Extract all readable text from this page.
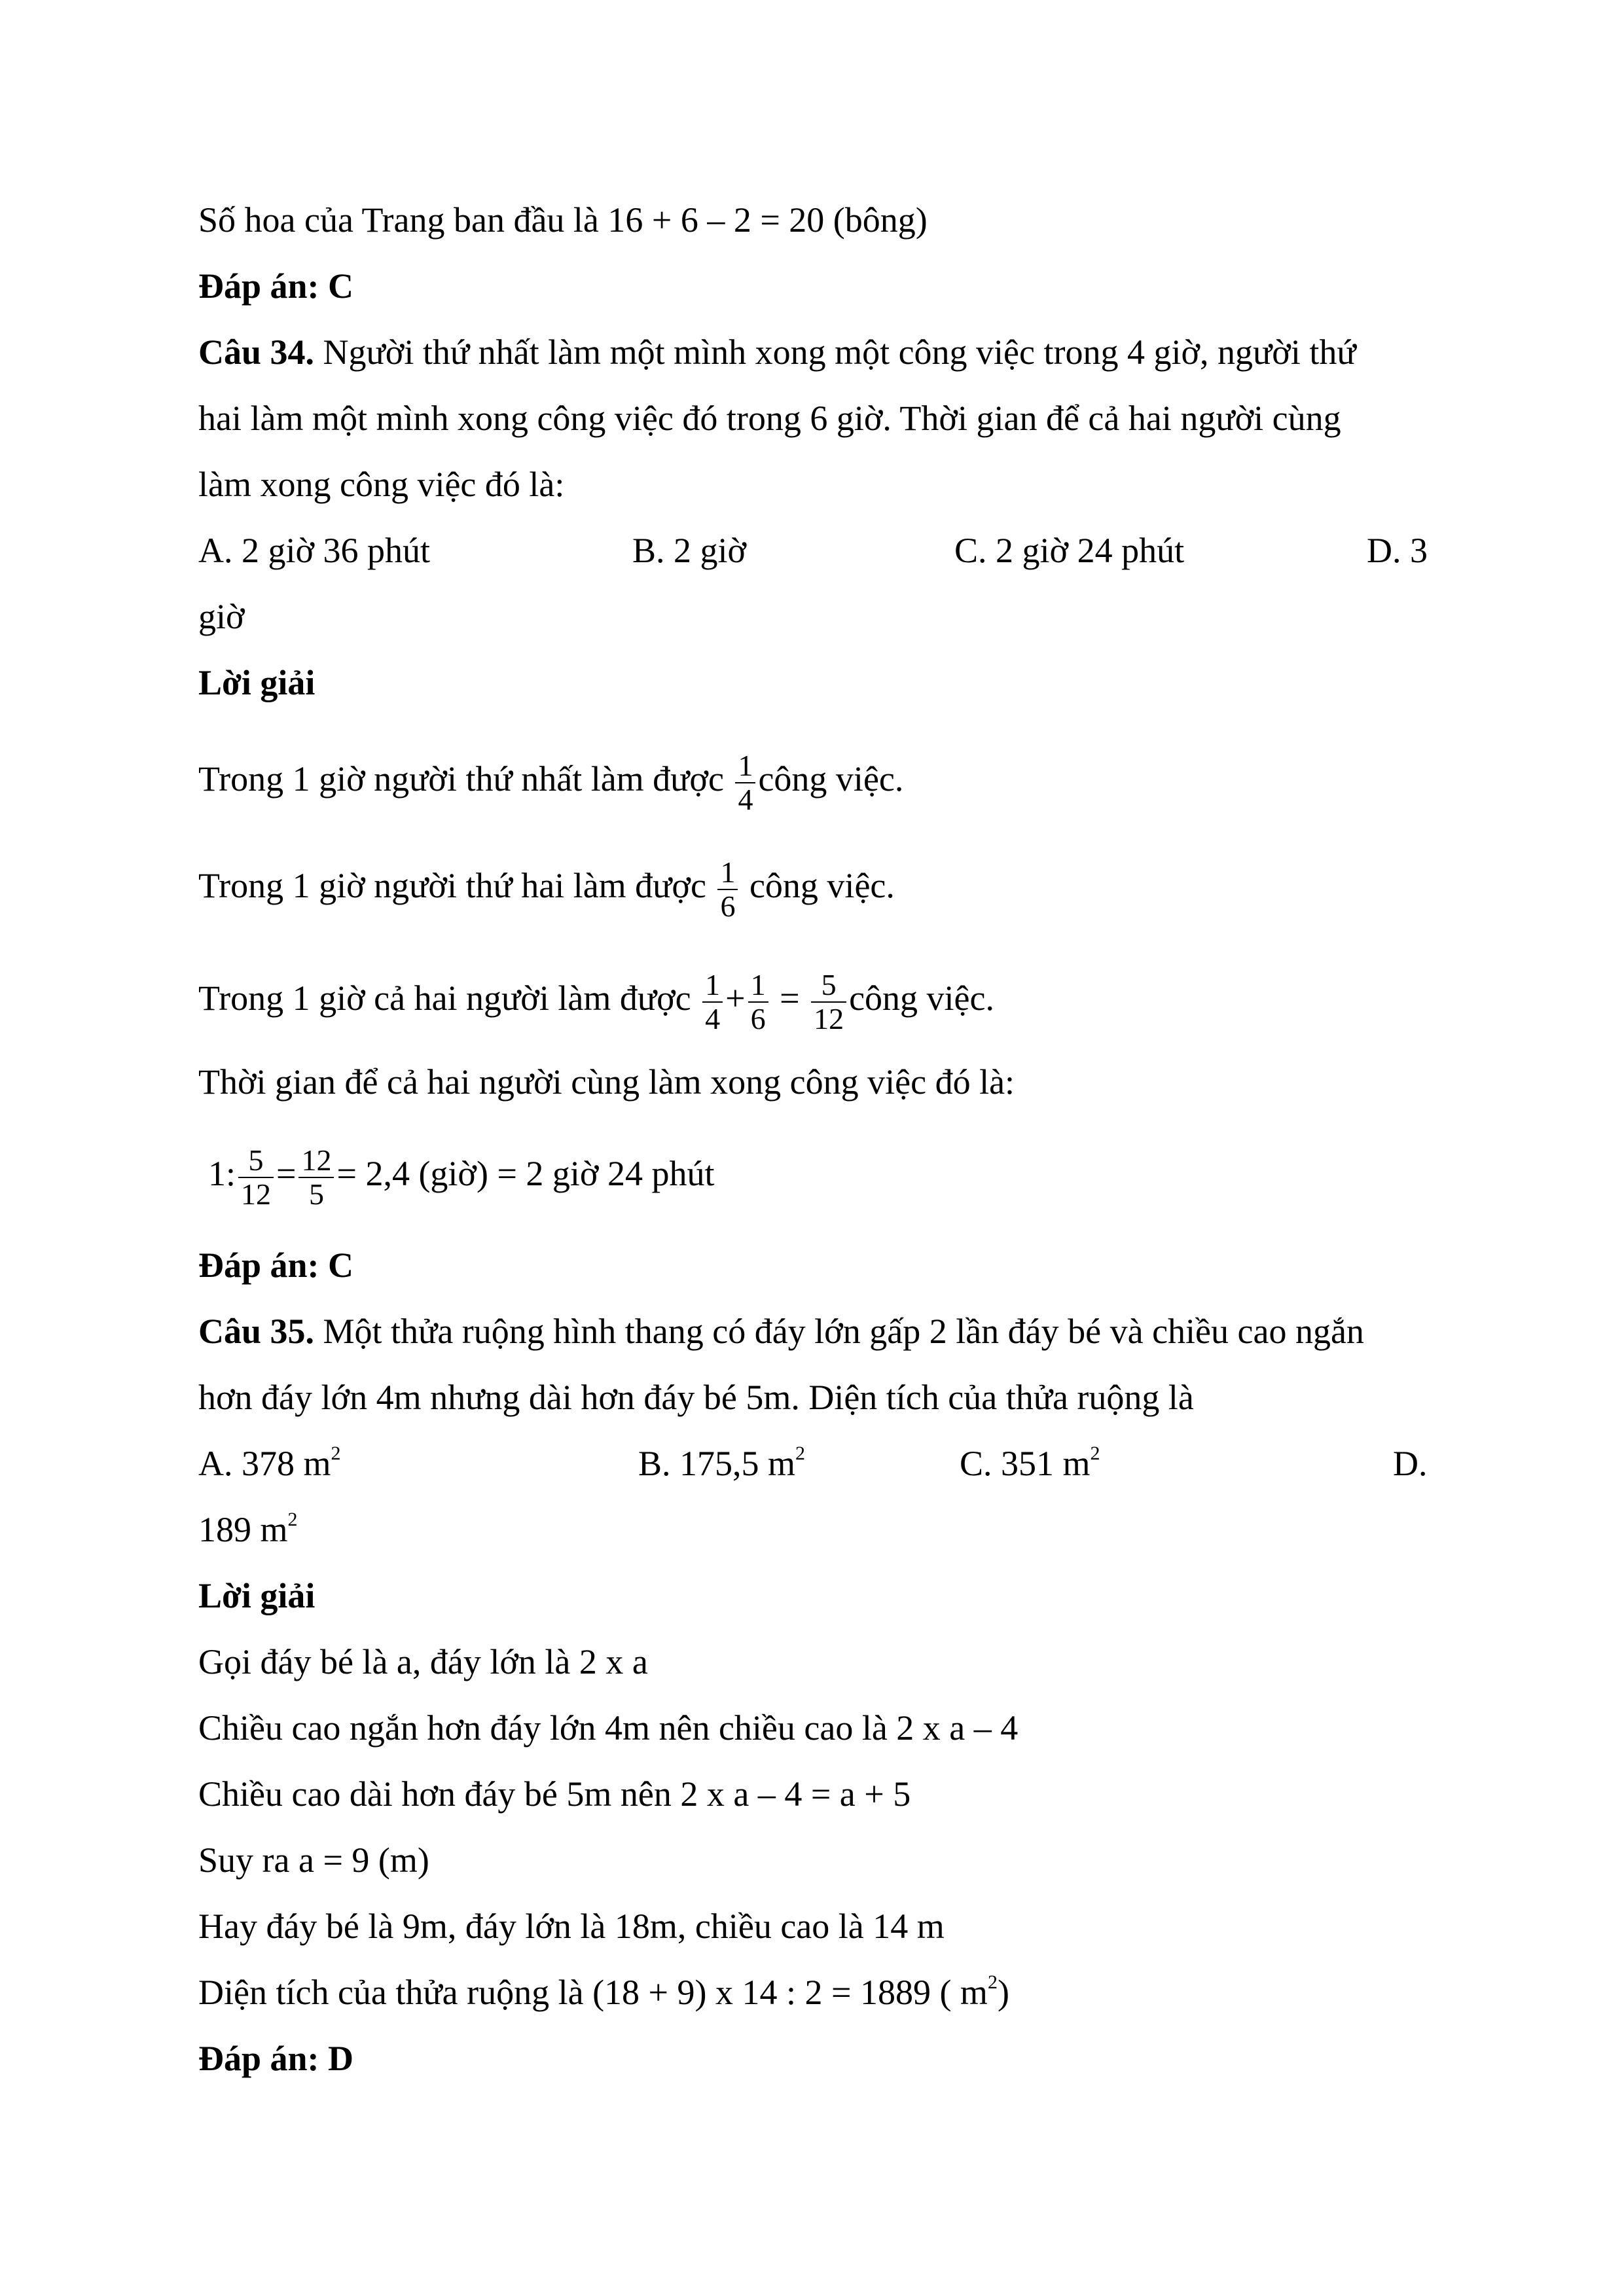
Số hoa của Trang ban đầu là 16 + 6 – 2 = 20 (bông)
Đáp án: C
Câu 34. Người thứ nhất làm một mình xong một công việc trong 4 giờ, người thứ
hai làm một mình xong công việc đó trong 6 giờ. Thời gian để cả hai người cùng
làm xong công việc đó là:
A. 2 giờ 36 phút	B. 2 giờ	C. 2 giờ 24 phút	D. 3
giờ
Lời giải
Trong 1 giờ người thứ nhất làm được $\frac{1}{4}$ công việc.
Trong 1 giờ người thứ hai làm được $\frac{1}{6}$ công việc.
Trong 1 giờ cả hai người làm được $\frac{1}{4} + \frac{1}{6} = \frac{5}{12}$ công việc.
Thời gian để cả hai người cùng làm xong công việc đó là:
1: $\frac{5}{12} = \frac{12}{5} = 2,4$ (giờ) = 2 giờ 24 phút
Đáp án: C
Câu 35. Một thửa ruộng hình thang có đáy lớn gấp 2 lần đáy bé và chiều cao ngắn
hơn đáy lớn 4m nhưng dài hơn đáy bé 5m. Diện tích của thửa ruộng là
A. 378 $m^2$	B. 175,5 $m^2$	C. 351 $m^2$	D.
189 $m^2$
Lời giải
Gọi đáy bé là a, đáy lớn là 2 x a
Chiều cao ngắn hơn đáy lớn 4m nên chiều cao là 2 x a – 4
Chiều cao dài hơn đáy bé 5m nên 2 x a – 4 = a + 5
Suy ra a = 9 (m)
Hay đáy bé là 9m, đáy lớn là 18m, chiều cao là 14 m
Diện tích của thửa ruộng là (18 + 9) x 14 : 2 = 1889 ( $m^2$)
Đáp án: D
